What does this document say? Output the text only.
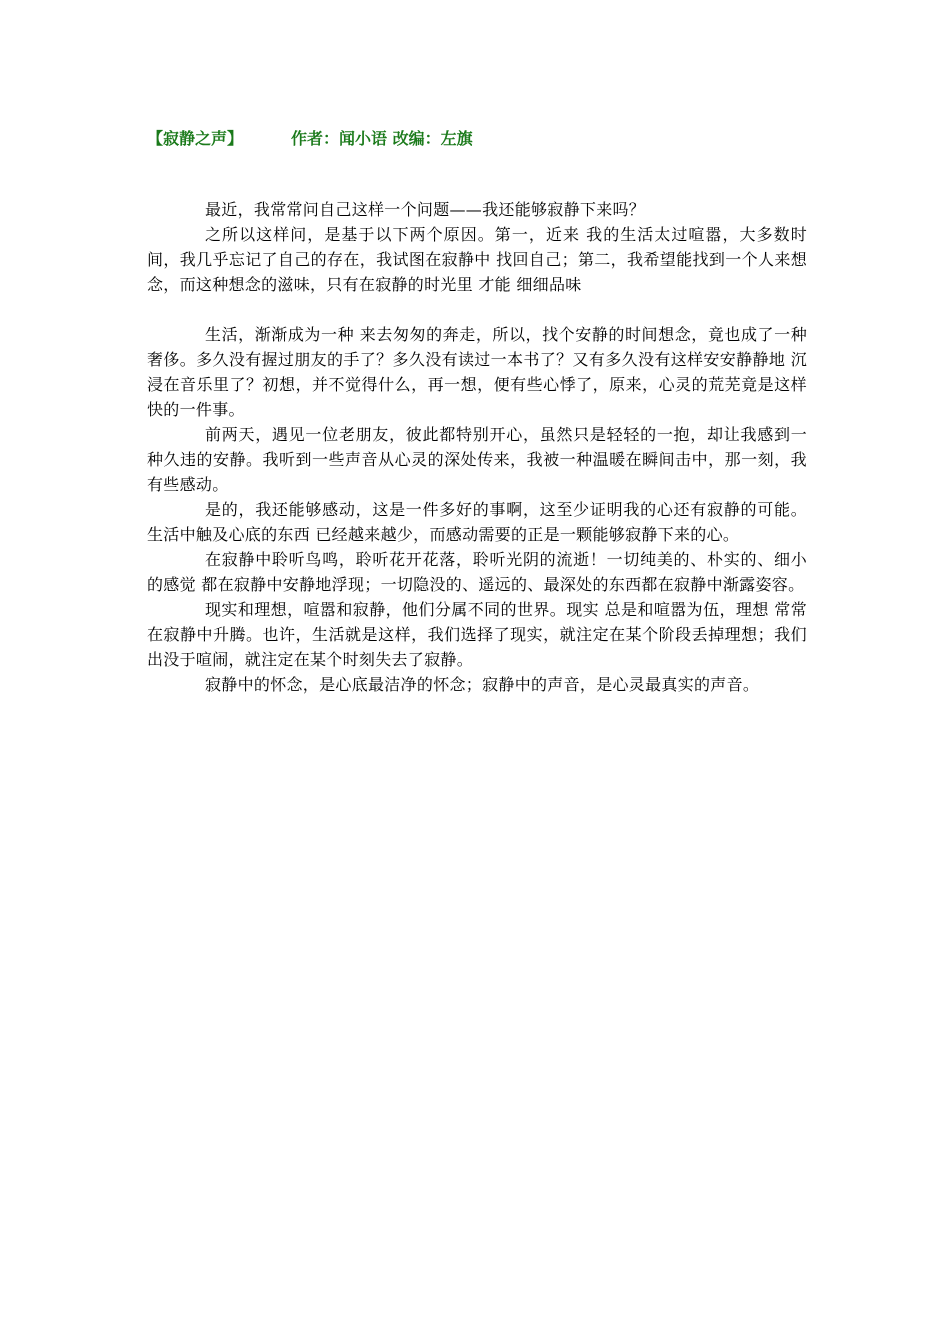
【寂静之声】	作者：闻小语 改编：左旗

最近，我常常问自己这样一个问题——我还能够寂静下来吗？

之所以这样问，是基于以下两个原因。第一，近来 我的生活太过喧嚣，大多数时间，我几乎忘记了自己的存在，我试图在寂静中 找回自己；第二，我希望能找到一个人来想念，而这种想念的滋味，只有在寂静的时光里 才能 细细品味

生活，渐渐成为一种 来去匆匆的奔走，所以，找个安静的时间想念，竟也成了一种奢侈。多久没有握过朋友的手了？多久没有读过一本书了？又有多久没有这样安安静静地 沉浸在音乐里了？初想，并不觉得什么，再一想，便有些心悸了，原来，心灵的荒芜竟是这样快的一件事。

前两天，遇见一位老朋友，彼此都特别开心，虽然只是轻轻的一抱，却让我感到一种久违的安静。我听到一些声音从心灵的深处传来，我被一种温暖在瞬间击中，那一刻，我有些感动。

是的，我还能够感动，这是一件多好的事啊，这至少证明我的心还有寂静的可能。生活中触及心底的东西 已经越来越少，而感动需要的正是一颗能够寂静下来的心。

在寂静中聆听鸟鸣，聆听花开花落，聆听光阴的流逝！一切纯美的、朴实的、细小的感觉 都在寂静中安静地浮现；一切隐没的、遥远的、最深处的东西都在寂静中渐露姿容。

现实和理想，喧嚣和寂静，他们分属不同的世界。现实 总是和喧嚣为伍，理想 常常在寂静中升腾。也许，生活就是这样，我们选择了现实，就注定在某个阶段丢掉理想；我们出没于喧闹，就注定在某个时刻失去了寂静。

寂静中的怀念，是心底最洁净的怀念；寂静中的声音，是心灵最真实的声音。
